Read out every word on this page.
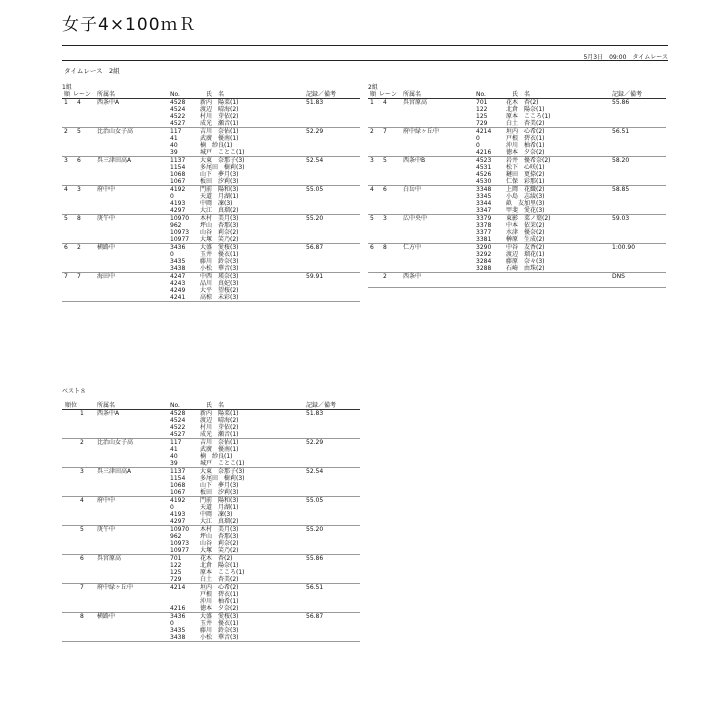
女子4×100ｍＲ
5月3日　09:00　タイムレース
タイムレース　2組
1組
順 レーン 所属名	No.	氏　名	記録／備考
1 4	西条中A	51.83
4528 新内　陽菜(1)
4524 渡辺　晴海(2)
4522 村川　芽依(2)
4527 成光　瀬音(1)
2 5	比治山女子高	52.29
117	吉川　奈佑(1)
41	武廣　優南(1)
40	楠　紗良(1)
39	城戸　ことこ(1)
3 6	呉三津田高A	52.54
1137 大東　奈那子(3)
1154 多尾田　樹莉(3)
1068 山下　夢月(3)
1067 板田　汐莉(3)
4 3	府中中	55.05
4192 門前　陽和(3)
0	天道　月湖(1)
4193 中岡　凜(3)
4297 大江　真瑠(2)
5 8	庚午中	55.20
10970 木村　美月(3)
962	坪山　杏那(3)
10973 山谷　莉奈(2)
10977 大塚　笑乃(2)
6 2	横路中	56.87
3436 大盛　愛桜(3)
0	玉井　優衣(1)
3435 藤川　鈴奈(3)
3438 小松　華音(3)
7 7	海田中	59.91
4247 中西　瑛奈(3)
4243 品川　真妃(3)
4249 大平　望桜(2)
4241 高椋　未彩(3)
2組
順 レーン 所属名	No.	氏　名	記録／備考
1 4	呉宮原高	55.86
701	花木　杏(2)
122	北倉　陽奈(1)
125	原本　こころ(1)
729	白土　杏美(2)
2 7	府中緑ヶ丘中	56.51
4214 垣内　心希(2)
0	戸根　碧衣(1)
0	沖川　柚希(1)
4216 徳本　夕奈(2)
3 5	西条中B	58.20
4523 岩井　優希奈(2)
4531 松下　心咲(1)
4526 鏈田　更捺(2)
4530 仁保　彩那(1)
4 6	白岳中	58.85
3348 上岡　花織(2)
3345 小島　志綾(3)
3344 畝　友加里(3)
3347 甲斐　愛花(3)
5 3	広中央中	59.03
3379 東影　菜ノ葉(2)
3378 中本　依茉(2)
3377 水津　優奈(2)
3381 榊原　生成(2)
6 8	仁方中	1:00.90
3290 中谷　友香(2)
3292 渡辺　瑠花(1)
3284 藤原　奈々(3)
3288 石崎　由珠(2)
2	西条中	DNS
ベスト８
順位	所属名	No.	氏　名	記録／備考
1 西条中A	51.83
4528 新内　陽菜(1)
4524 渡辺　晴海(2)
4522 村川　芽依(2)
4527 成光　瀬音(1)
2 比治山女子高	52.29
117	吉川　奈佑(1)
41	武廣　優南(1)
40	楠　紗良(1)
39	城戸　ことこ(1)
3 呉三津田高A	52.54
1137 大東　奈那子(3)
1154 多尾田　樹莉(3)
1068 山下　夢月(3)
1067 板田　汐莉(3)
4 府中中	55.05
4192 門前　陽和(3)
0	天道　月湖(1)
4193 中岡　凜(3)
4297 大江　真瑠(2)
5 庚午中	55.20
10970 木村　美月(3)
962	坪山　杏那(3)
10973 山谷　莉奈(2)
10977 大塚　笑乃(2)
6 呉宮原高	55.86
701	花木　杏(2)
122	北倉　陽奈(1)
125	原本　こころ(1)
729	白土　杏美(2)
7 府中緑ヶ丘中	56.51
4214 垣内　心希(2)
戸根　碧衣(1)
沖川　柚希(1)
4216 徳本　夕奈(2)
8 横路中	56.87
3436 大盛　愛桜(3)
0	玉井　優衣(1)
3435 藤川　鈴奈(3)
3438 小松　華音(3)
